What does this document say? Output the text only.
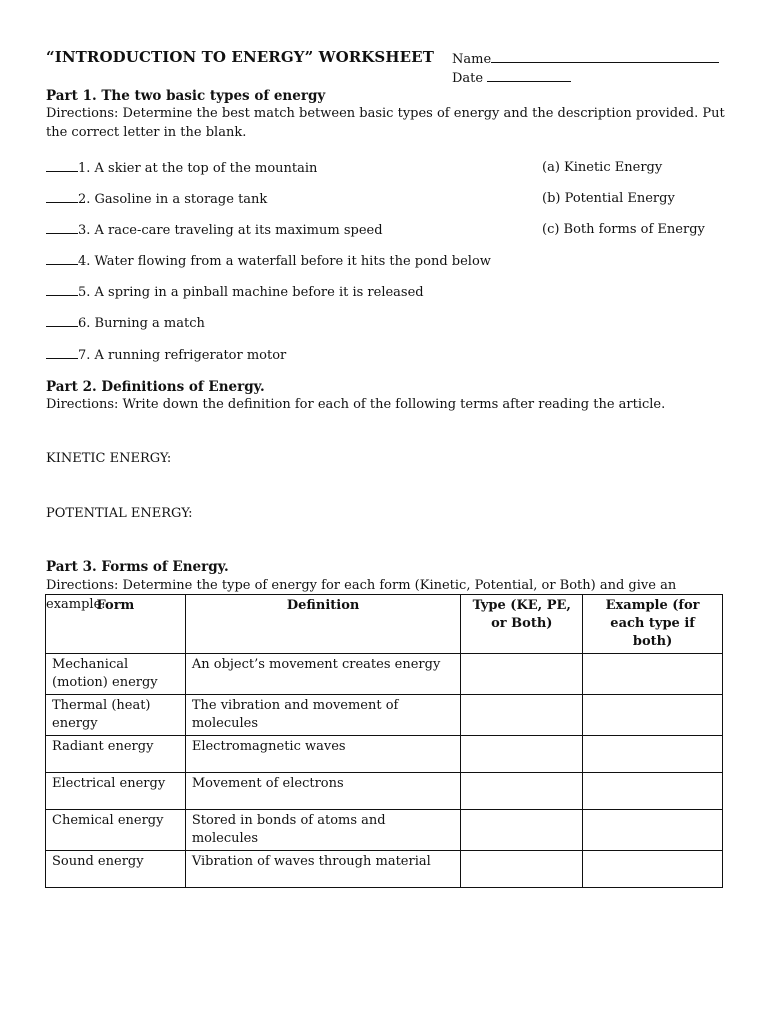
“INTRODUCTION TO ENERGY” WORKSHEET Name
Date
Part 1. The two basic types of energy
Directions: Determine the best match between basic types of energy and the description provided. Put the correct letter in the blank.
1. A skier at the top of the mountain
2. Gasoline in a storage tank
3. A race-care traveling at its maximum speed
4. Water flowing from a waterfall before it hits the pond below
5. A spring in a pinball machine before it is released
6. Burning a match
7. A running refrigerator motor
(a) Kinetic Energy
(b) Potential Energy
(c) Both forms of Energy
Part 2. Definitions of Energy.
Directions: Write down the definition for each of the following terms after reading the article.
KINETIC ENERGY:
POTENTIAL ENERGY:
Part 3. Forms of Energy.
Directions: Determine the type of energy for each form (Kinetic, Potential, or Both) and give an example.
Form	Definition	Type (KE, PE, or Both)	Example (for each type if both)
Mechanical (motion) energy	An object’s movement creates energy		
Thermal (heat) energy	The vibration and movement of molecules		
Radiant energy	Electromagnetic waves		
Electrical energy	Movement of electrons		
Chemical energy	Stored in bonds of atoms and molecules		
Sound energy	Vibration of waves through material		
